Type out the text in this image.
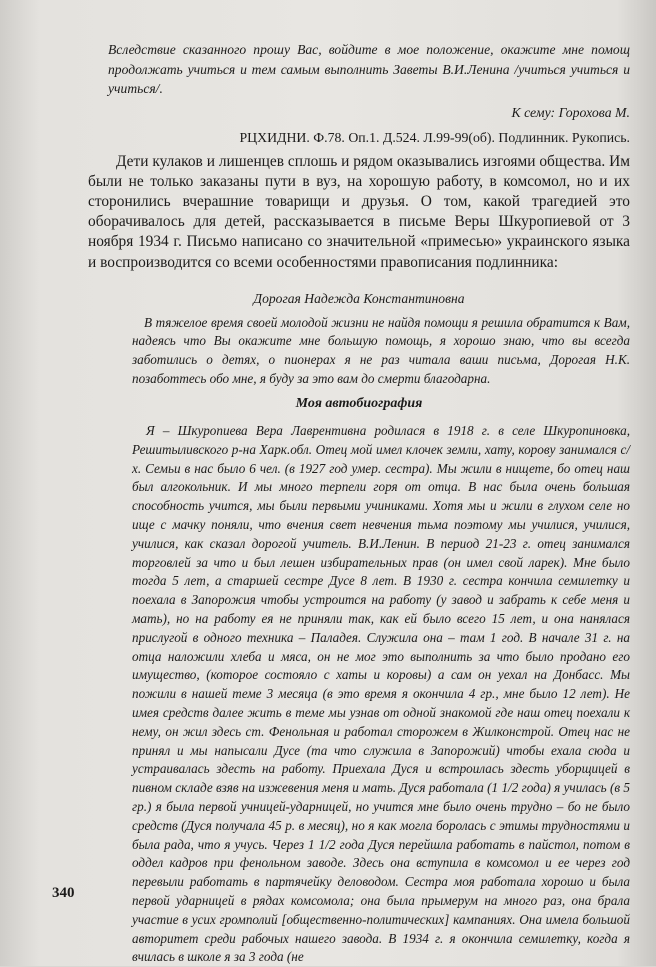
Вследствие сказанного прошу Вас, войдите в мое положение, окажите мне помощ продолжать учиться и тем самым выполнить Заветы В.И.Ленина /учиться учиться и учиться/.

К сему: Горохова М.

РЦХИДНИ. Ф.78. Оп.1. Д.524. Л.99-99(об). Подлинник. Рукопись.

Дети кулаков и лишенцев сплошь и рядом оказывались изгоями общества. Им были не только заказаны пути в вуз, на хорошую работу, в комсомол, но и их сторонились вчерашние товарищи и друзья. О том, какой трагедией это оборачивалось для детей, рассказывается в письме Веры Шкуропиевой от 3 ноября 1934 г. Письмо написано со значительной «примесью» украинского языка и воспроизводится со всеми особенностями правописания подлинника:

Дорогая Надежда Константиновна

В тяжелое время своей молодой жизни не найдя помощи я решила обратится к Вам, надеясь что Вы окажите мне большую помощь, я хорошо знаю, что вы всегда заботились о детях, о пионерах я не раз читала ваши письма, Дорогая Н.К. позаботтесь обо мне, я буду за это вам до смерти благодарна.

Моя автобиография

Я – Шкуропиева Вера Лаврентивна родилася в 1918 г. в селе Шкуропиновка, Решитыливского р-на Харк.обл. Отец мой имел клочек земли, хату, корову занимался с/х. Семьи в нас было 6 чел. (в 1927 год умер. сестра). Мы жили в нищете, бо отец наш был алгокольник. И мы много терпели горя от отца. В нас была очень большая способность учится, мы были первыми учиниками. Хотя мы и жили в глухом селе но ище с мачку поняли, что вчения свет невчения тьма поэтому мы училися, училися, училися, как сказал дорогой учитель. В.И.Ленин. В период 21-23 г. отец занимался торговлей за что и был лешен избирательных прав (он имел свой ларек). Мне было тогда 5 лет, а старшей сестре Дусе 8 лет. В 1930 г. сестра кончила семилетку и поехала в Запорожия чтобы устроится на работу (у завод и забрать к себе меня и мать), но на работу ея не приняли так, как ей было всего 15 лет, и она нанялася прислугой в одного техника – Паладея. Служила она – там 1 год. В начале 31 г. на отца наложили хлеба и мяса, он не мог это выполнить за что было продано его имущество, (которое состояло с хаты и коровы) а сам он уехал на Донбасс. Мы пожили в нашей теме 3 месяца (в это время я окончила 4 гр., мне было 12 лет). Не имея средств далее жить в теме мы узнав от одной знакомой где наш отец поехали к нему, он жил здесь ст. Фенольная и работал сторожем в Жилконстрой. Отец нас не принял и мы напысали Дусе (та что служила в Запорожий) чтобы ехала сюда и устраивалась здесть на работу. Приехала Дуся и встроилась здесть уборщицей в пивном складе взяв на изжевения меня и мать. Дуся работала (1 1/2 года) я училась (в 5 гр.) я была первой учницей-ударницей, но учится мне было очень трудно – бо не было средств (Дуся получала 45 р. в месяц), но я как могла боролась с этимы трудностями и была рада, что я учусь. Через 1 1/2 года Дуся перейшла работать в пайстол, потом в оддел кадров при фенольном заводе. Здесь она вступила в комсомол и ее через год перевыли работать в партячейку деловодом. Сестра моя работала хорошо и была первой ударницей в рядах комсомола; она была прымерум на много раз, она брала участие в усих громполий [общественно-политических] кампаниях. Она имела большой авторитет среди рабочых нашего завода. В 1934 г. я окончила семилетку, когда я вчилась в школе я за 3 года (не

340
